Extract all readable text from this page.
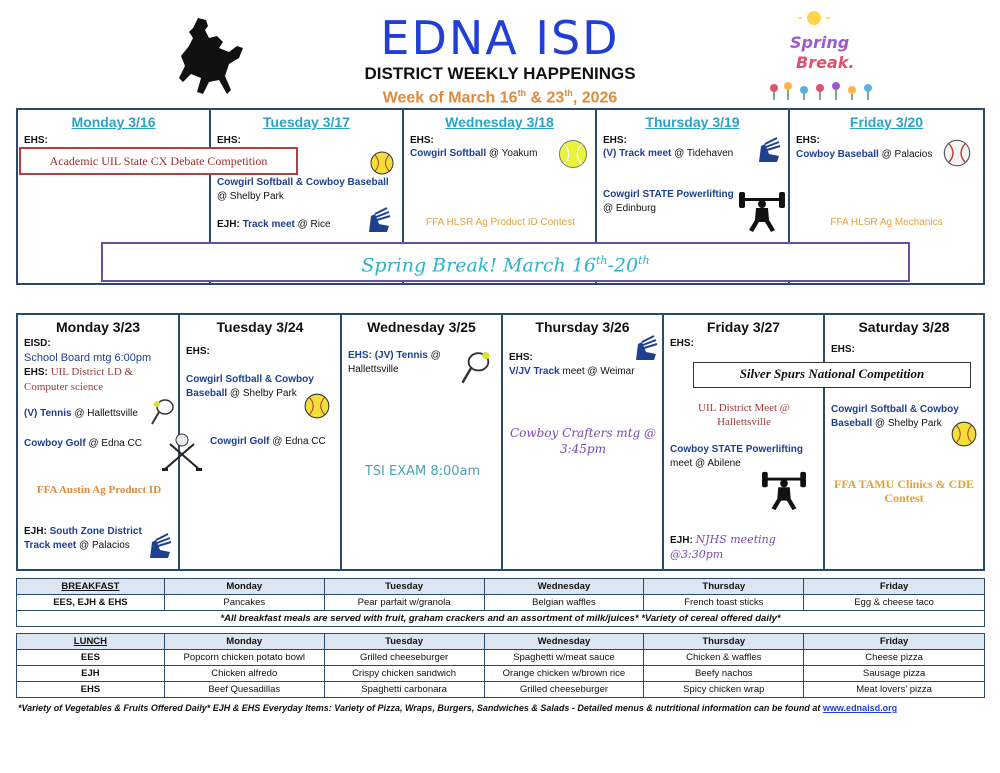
EDNA ISD
DISTRICT WEEKLY HAPPENINGS
Week of March 16th & 23th, 2026
Spring
Break.
Monday 3/16
EHS:
Tuesday 3/17
EHS:
Cowgirl Softball & Cowboy Baseball
@ Shelby Park
EJH: Track meet @ Rice
Wednesday 3/18
EHS:
Cowgirl Softball @ Yoakum
FFA HLSR Ag Product ID Contest
Thursday 3/19
EHS:
(V) Track meet @ Tidehaven
Cowgirl STATE Powerlifting
@ Edinburg
Friday 3/20
EHS:
Cowboy Baseball @ Palacios
FFA HLSR Ag Mechanics
Academic UIL State CX Debate Competition
Spring Break! March 16th-20th
Monday 3/23
EISD:
School Board mtg 6:00pm
EHS: UIL District LD & Computer science
(V) Tennis @ Hallettsville
Cowboy Golf @ Edna CC
FFA Austin Ag Product ID
EJH: South Zone District Track meet @ Palacios
Tuesday 3/24
EHS:
Cowgirl Softball & Cowboy Baseball @ Shelby Park
Cowgirl Golf @ Edna CC
Wednesday 3/25
EHS: (JV) Tennis @ Hallettsville
TSI EXAM 8:00am
Thursday 3/26
EHS:
V/JV Track meet @ Weimar
Cowboy Crafters mtg @ 3:45pm
Friday 3/27
EHS:
UIL District Meet @ Hallettsville
Cowboy STATE Powerlifting
meet @ Abilene
EJH: NJHS meeting @3:30pm
Saturday 3/28
EHS:
Cowgirl Softball & Cowboy Baseball @ Shelby Park
FFA TAMU Clinics & CDE Contest
Silver Spurs National Competition
BREAKFAST	Monday	Tuesday	Wednesday	Thursday	Friday
EES, EJH & EHS	Pancakes	Pear parfait w/granola	Belgian waffles	French toast sticks	Egg & cheese taco
*All breakfast meals are served with fruit, graham crackers and an assortment of milk/juices* *Variety of cereal offered daily*					
LUNCH	Monday	Tuesday	Wednesday	Thursday	Friday
EES	Popcorn chicken potato bowl	Grilled cheeseburger	Spaghetti w/meat sauce	Chicken & waffles	Cheese pizza
EJH	Chicken alfredo	Crispy chicken sandwich	Orange chicken w/brown rice	Beefy nachos	Sausage pizza
EHS	Beef Quesadillas	Spaghetti carbonara	Grilled cheeseburger	Spicy chicken wrap	Meat lovers' pizza
*Variety of Vegetables & Fruits Offered Daily* EJH & EHS Everyday Items: Variety of Pizza, Wraps, Burgers, Sandwiches & Salads - Detailed menus & nutritional information can be found at www.ednaisd.org
